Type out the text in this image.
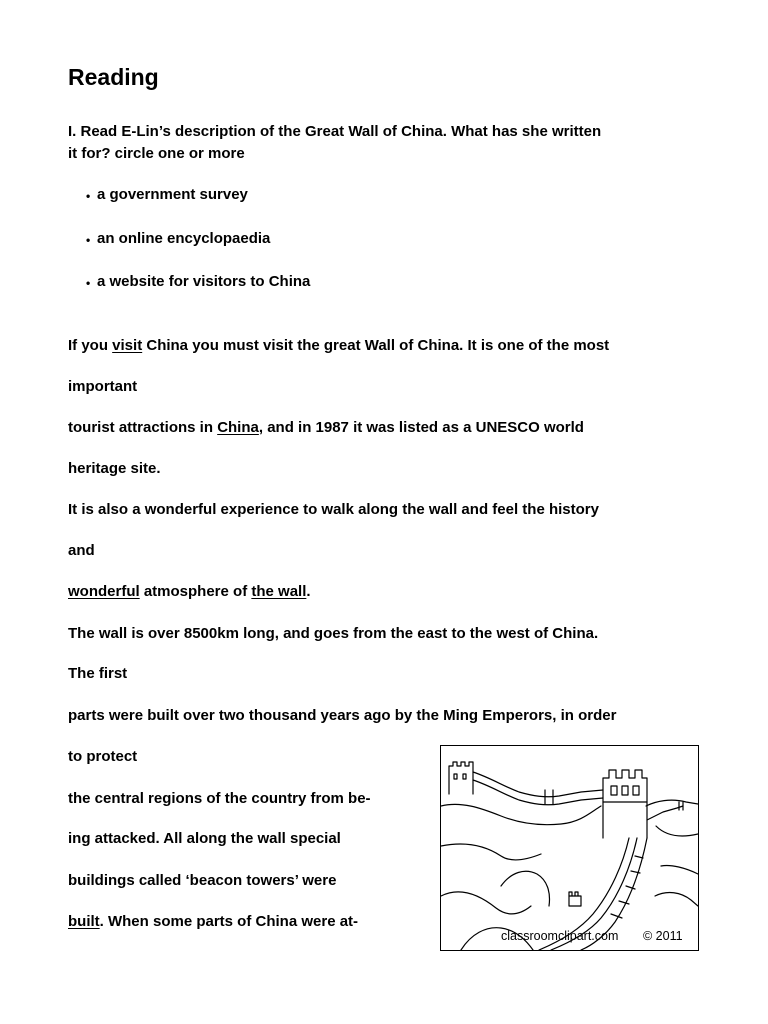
Reading
I. Read E-Lin’s description of the Great Wall of China. What has she written
it for? circle one or more
• a government survey
• an online encyclopaedia
• a website for visitors to China
If you visit China you must visit the great Wall of China. It is one of the most
important
tourist attractions in China, and in 1987 it was listed as a UNESCO world
heritage site.
It is also a wonderful experience to walk along the wall and feel the history
and
wonderful atmosphere of the wall.
The wall is over 8500km long, and goes from the east to the west of China.
The first
parts were built over two thousand years ago by the Ming Emperors, in order
to protect
the central regions of the country from be-
ing attacked. All along the wall special
buildings called ‘beacon towers’ were
built. When some parts of China were at-
classroomclipart.com © 2011
